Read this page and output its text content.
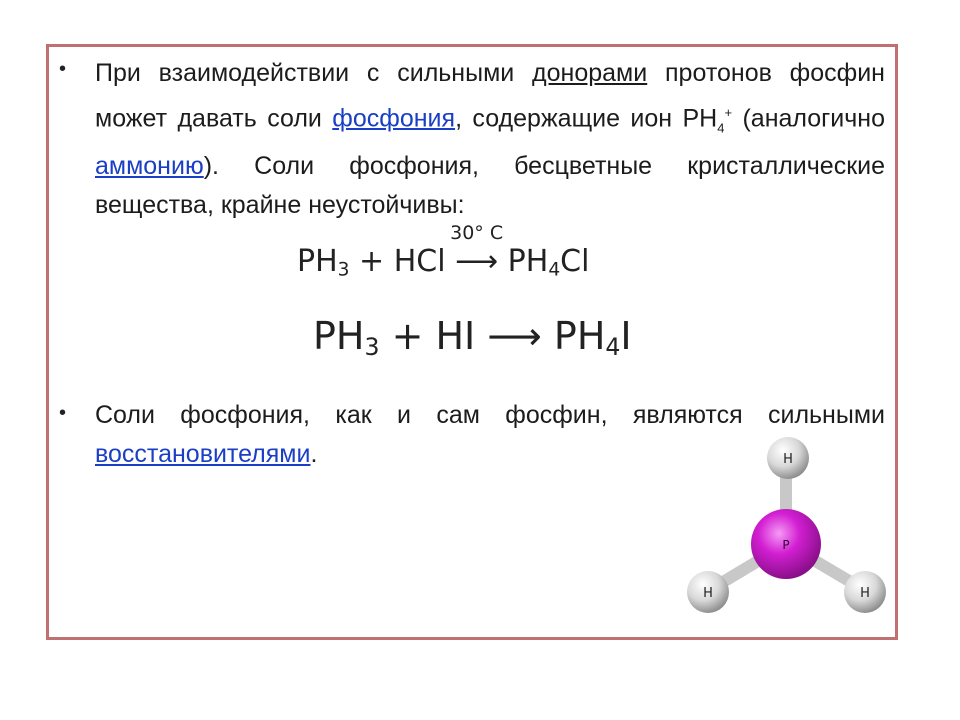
• При взаимодействии с сильными донорами протонов фосфин может давать соли фосфония, содержащие ион $PH_4^+$ (аналогично аммонию). Соли фосфония, бесцветные кристаллические вещества, крайне неустойчивы:
$PH_3$ + HCl
30° C
⟶ $PH_4Cl$
$PH_3$ + HI ⟶ $PH_4I$
• Соли фосфония, как и сам фосфин, являются сильными восстановителями.	H
H	H
P
